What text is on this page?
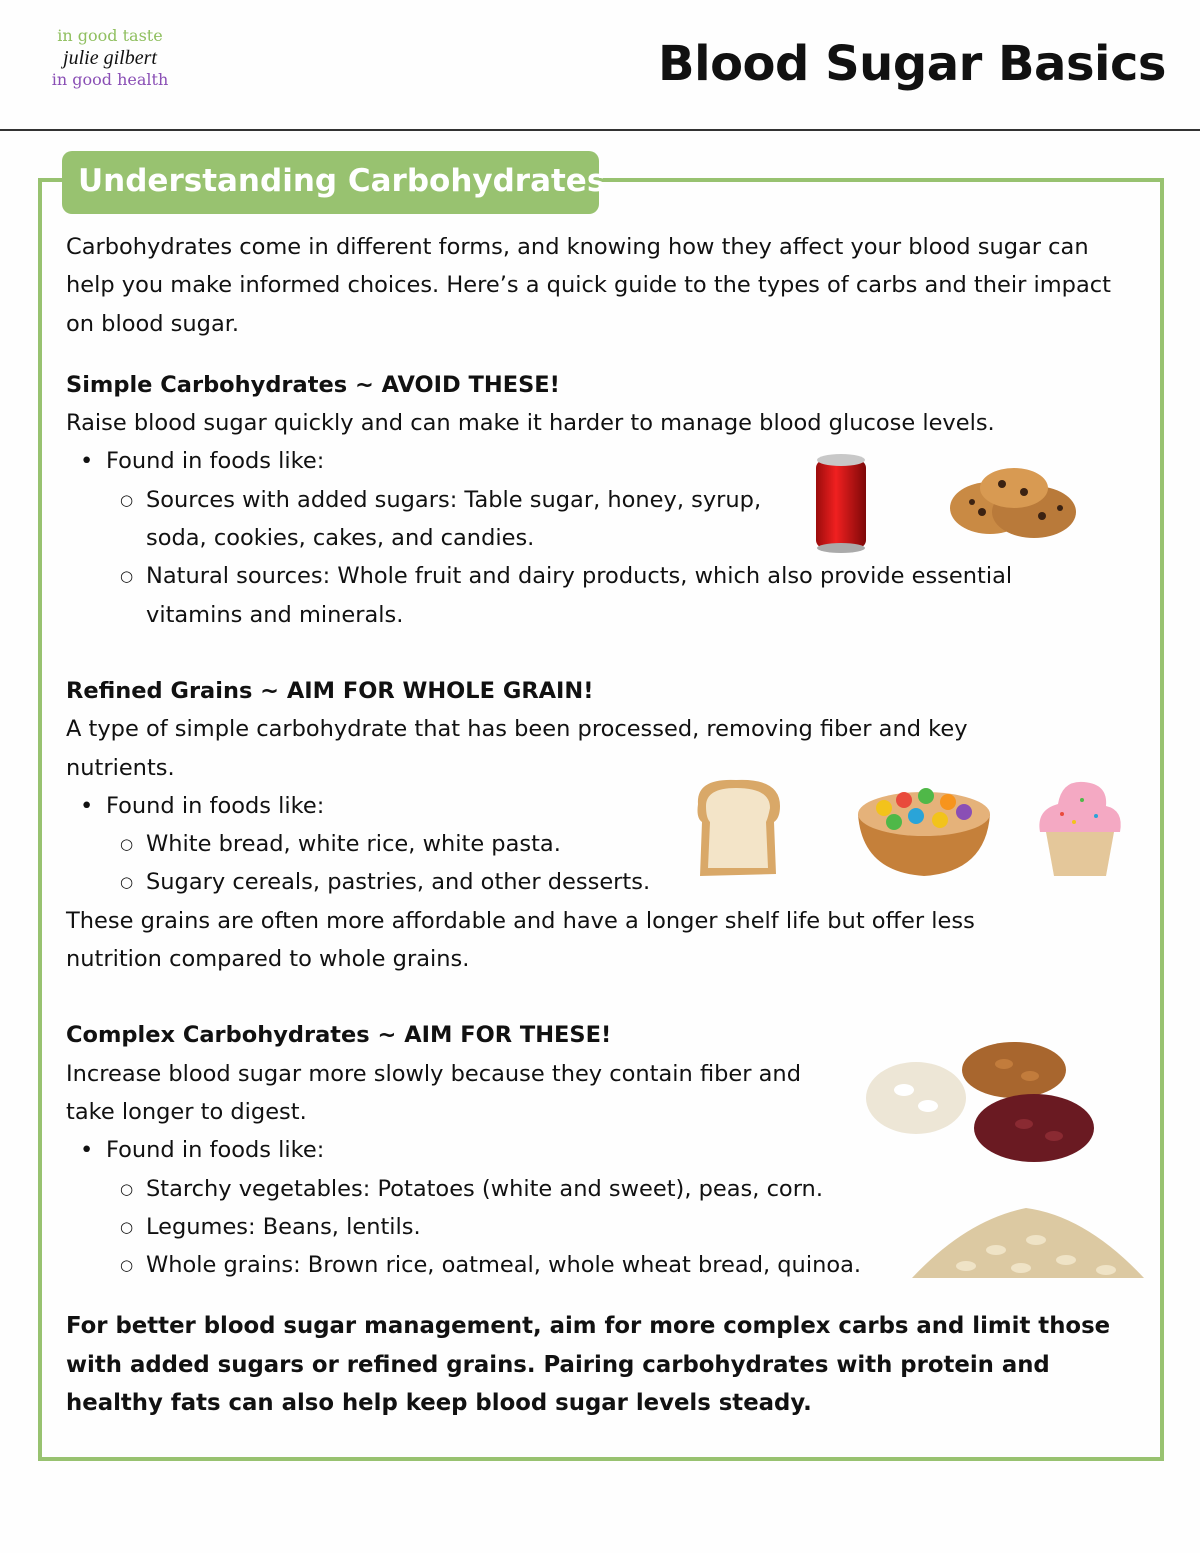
in good taste
julie gilbert
in good health	Blood Sugar Basics
Understanding Carbohydrates

Carbohydrates come in different forms, and knowing how they affect your blood sugar can help you make informed choices. Here’s a quick guide to the types of carbs and their impact on blood sugar.

Simple Carbohydrates ~ AVOID THESE!

Raise blood sugar quickly and can make it harder to manage blood glucose levels.

• Found in foods like:

○ Sources with added sugars: Table sugar, honey, syrup, soda, cookies, cakes, and candies.

○ Natural sources: Whole fruit and dairy products, which also provide essential vitamins and minerals.

Refined Grains ~ AIM FOR WHOLE GRAIN!

A type of simple carbohydrate that has been processed, removing fiber and key nutrients.

• Found in foods like:

○ White bread, white rice, white pasta.

○ Sugary cereals, pastries, and other desserts.

These grains are often more affordable and have a longer shelf life but offer less nutrition compared to whole grains.

Complex Carbohydrates ~ AIM FOR THESE!

Increase blood sugar more slowly because they contain fiber and take longer to digest.

• Found in foods like:

○ Starchy vegetables: Potatoes (white and sweet), peas, corn.

○ Legumes: Beans, lentils.

○ Whole grains: Brown rice, oatmeal, whole wheat bread, quinoa.

For better blood sugar management, aim for more complex carbs and limit those with added sugars or refined grains. Pairing carbohydrates with protein and healthy fats can also help keep blood sugar levels steady.
